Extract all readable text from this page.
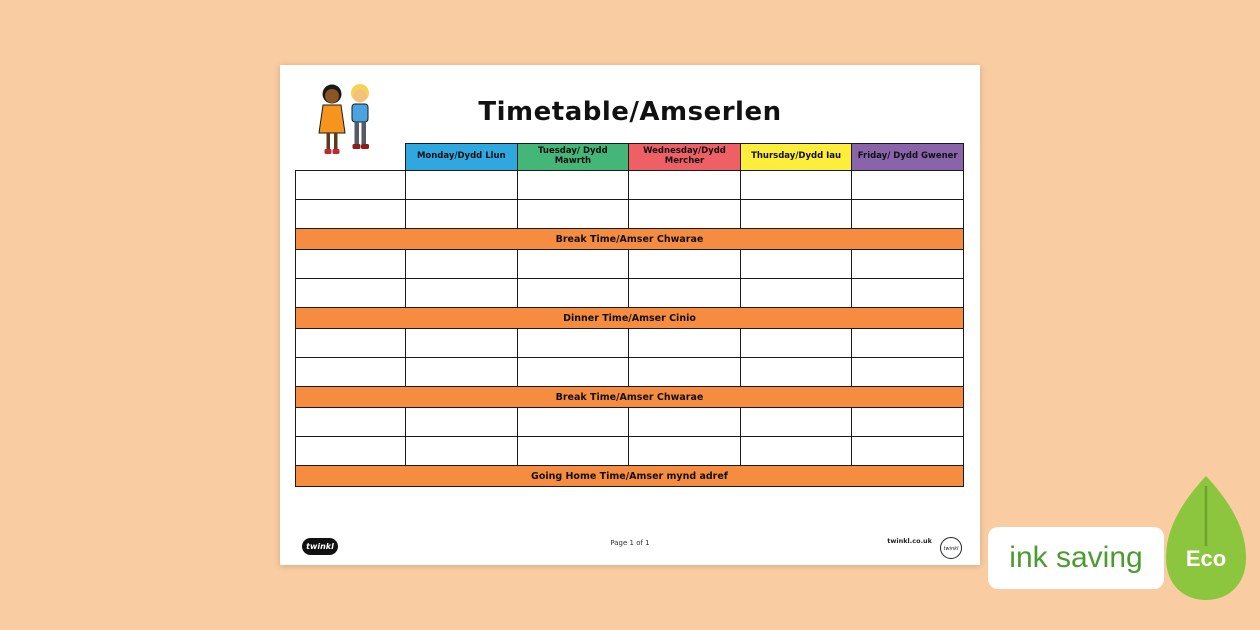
Timetable/Amserlen
	Monday/Dydd Llun	Tuesday/ Dydd Mawrth	Wednesday/Dydd Mercher	Thursday/Dydd Iau	Friday/ Dydd Gwener

Break Time/Amser Chwarae					

Dinner Time/Amser Cinio					

Break Time/Amser Chwarae					

Going Home Time/Amser mynd adref					
twinkl	Page 1 of 1	twinkl.co.uk
twinkl ink saving	Eco
